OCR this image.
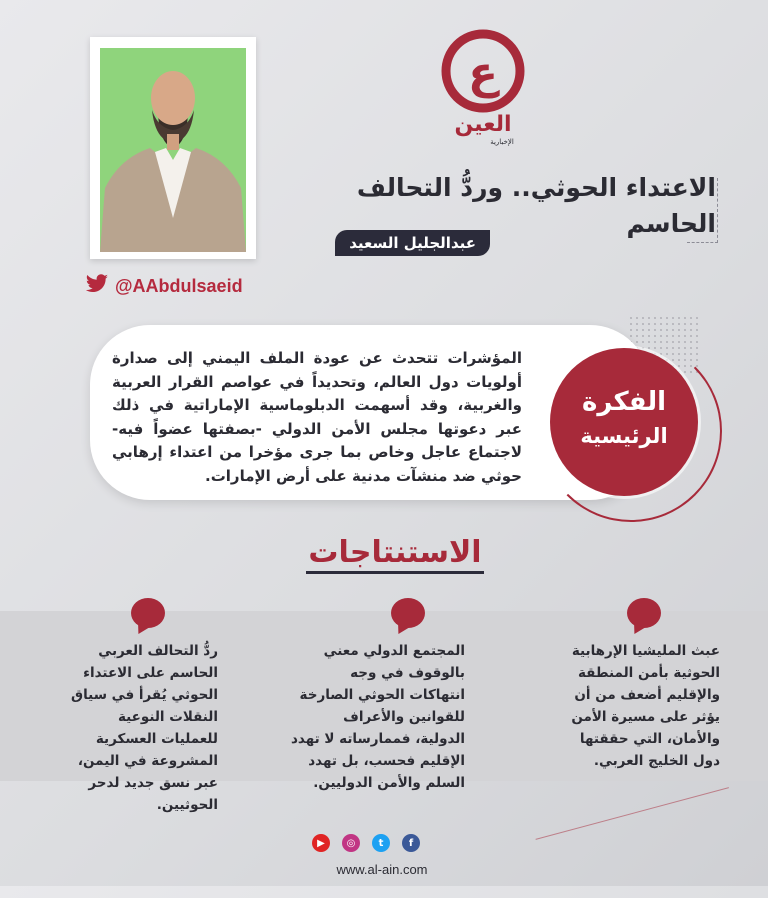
@AAbdulsaeid
ع
العين
الإخبارية
الاعتداء الحوثي.. وردُّ التحالف الحاسم
عبدالجليل السعيد
المؤشرات تتحدث عن عودة الملف اليمني إلى صدارة أولويات دول العالم، وتحديداً في عواصم القرار العربية والغربية، وقد أسهمت الدبلوماسية الإماراتية في ذلك عبر دعوتها مجلس الأمن الدولي -بصفتها عضواً فيه- لاجتماع عاجل وخاص بما جرى مؤخرا من اعتداء إرهابي حوثي ضد منشآت مدنية على أرض الإمارات.
الفكرة
الرئيسية
الاستنتاجات
عبث المليشيا الإرهابية الحوثية بأمن المنطقة والإقليم أضعف من أن يؤثر على مسيرة الأمن والأمان، التي حققتها دول الخليج العربي.
المجتمع الدولي معني بالوقوف في وجه انتهاكات الحوثي الصارخة للقوانين والأعراف الدولية، فممارساته لا تهدد الإقليم فحسب، بل تهدد السلم والأمن الدوليين.
ردُّ التحالف العربي الحاسم على الاعتداء الحوثي يُقرأ في سياق النقلات النوعية للعمليات العسكرية المشروعة في اليمن، عبر نسق جديد لدحر الحوثيين.
▶	◎	t	f
www.al-ain.com
